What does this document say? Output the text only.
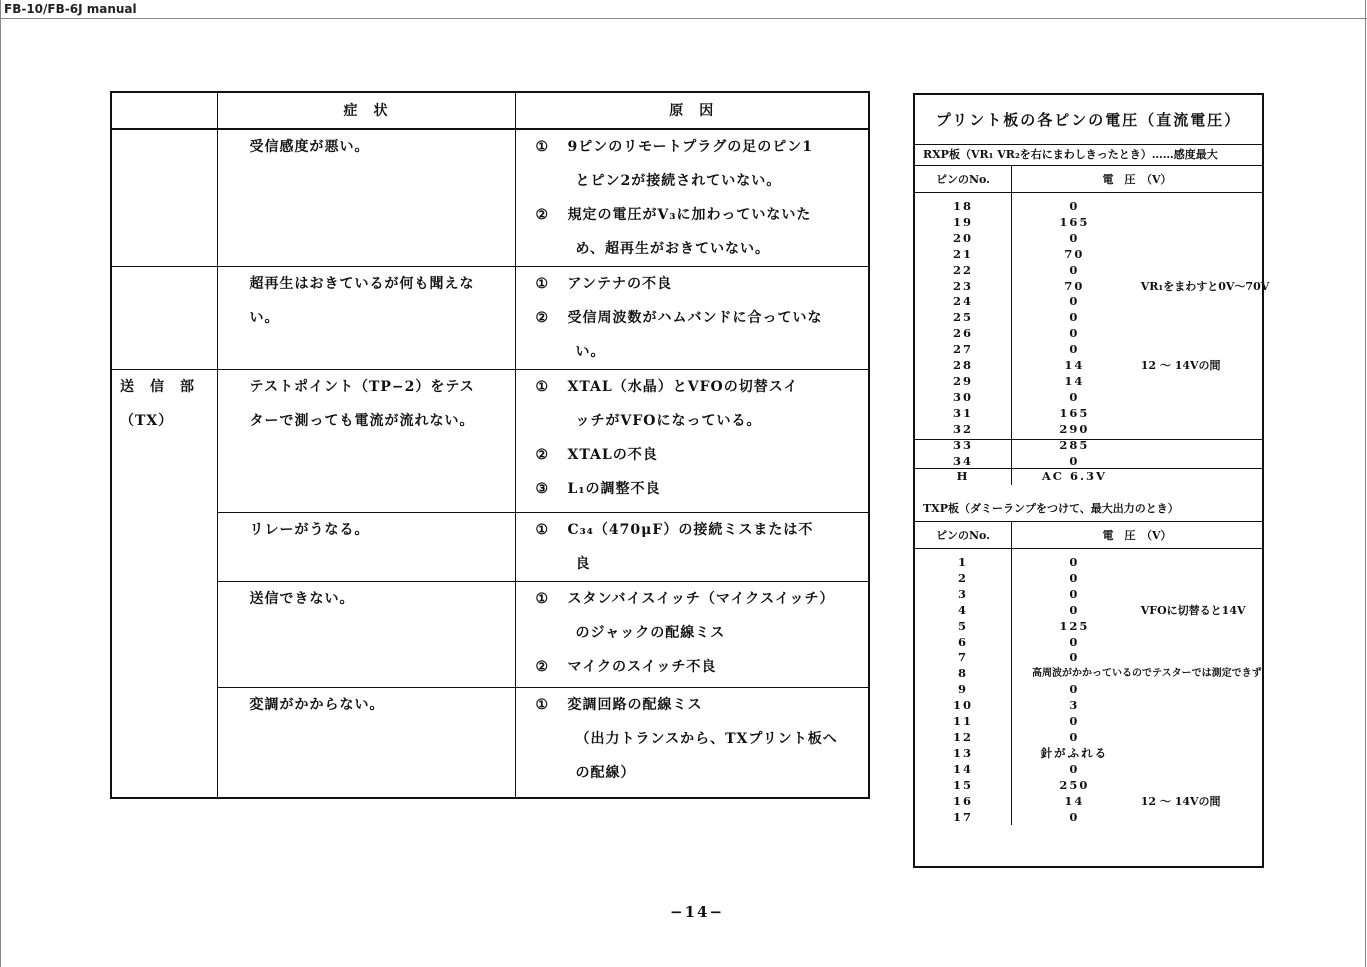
FB-10/FB-6J manual
	症　状	原　因
	受信感度が悪い。	① 9ピンのリモートプラグの足のピン1
とピン2が接続されていない。
② 規定の電圧がV₃に加わっていないた
め、超再生がおきていない。

	超再生はおきているが何も聞えない。	① アンテナの不良
② 受信周波数がハムバンドに合っていな
い。

送　信　部
（TX）	テストポイント（TP−2）をテスターで測っても電流が流れない。	① XTAL（水晶）とVFOの切替スイ
ッチがVFOになっている。
② XTALの不良
③ L₁の調整不良

	リレーがうなる。	① C₃₄（470μF）の接続ミスまたは不
良

	送信できない。	① スタンバイスイッチ（マイクスイッチ）
のジャックの配線ミス
② マイクのスイッチ不良

	変調がかからない。	① 変調回路の配線ミス
（出力トランスから、TXプリント板へ
の配線）
プリント板の各ピンの電圧（直流電圧）
RXP板（VR₁ VR₂を右にまわしきったとき）……感度最大
ピンのNo.	電　圧　（V）	
18	0	
19	165	
20	0	
21	70	
22	0	
23	70	VR₁をまわすと0V〜70V
24	0	
25	0	
26	0	
27	0	
28	14	12 〜 14Vの間
29	14	
30	0	
31	165	
32	290	
33	285	
34	0	
H	AC 6.3V	
TXP板（ダミーランプをつけて、最大出力のとき）
ピンのNo.	電　圧　（V）	
1	0	
2	0	
3	0	
4	0	VFOに切替ると14V
5	125	
6	0	
7	0	
8	高周波がかかっているのでテスターでは測定できず	
9	0	
10	3	
11	0	
12	0	
13	針がふれる	
14	0	
15	250	
16	14	12 〜 14Vの間
17	0	
−14−
